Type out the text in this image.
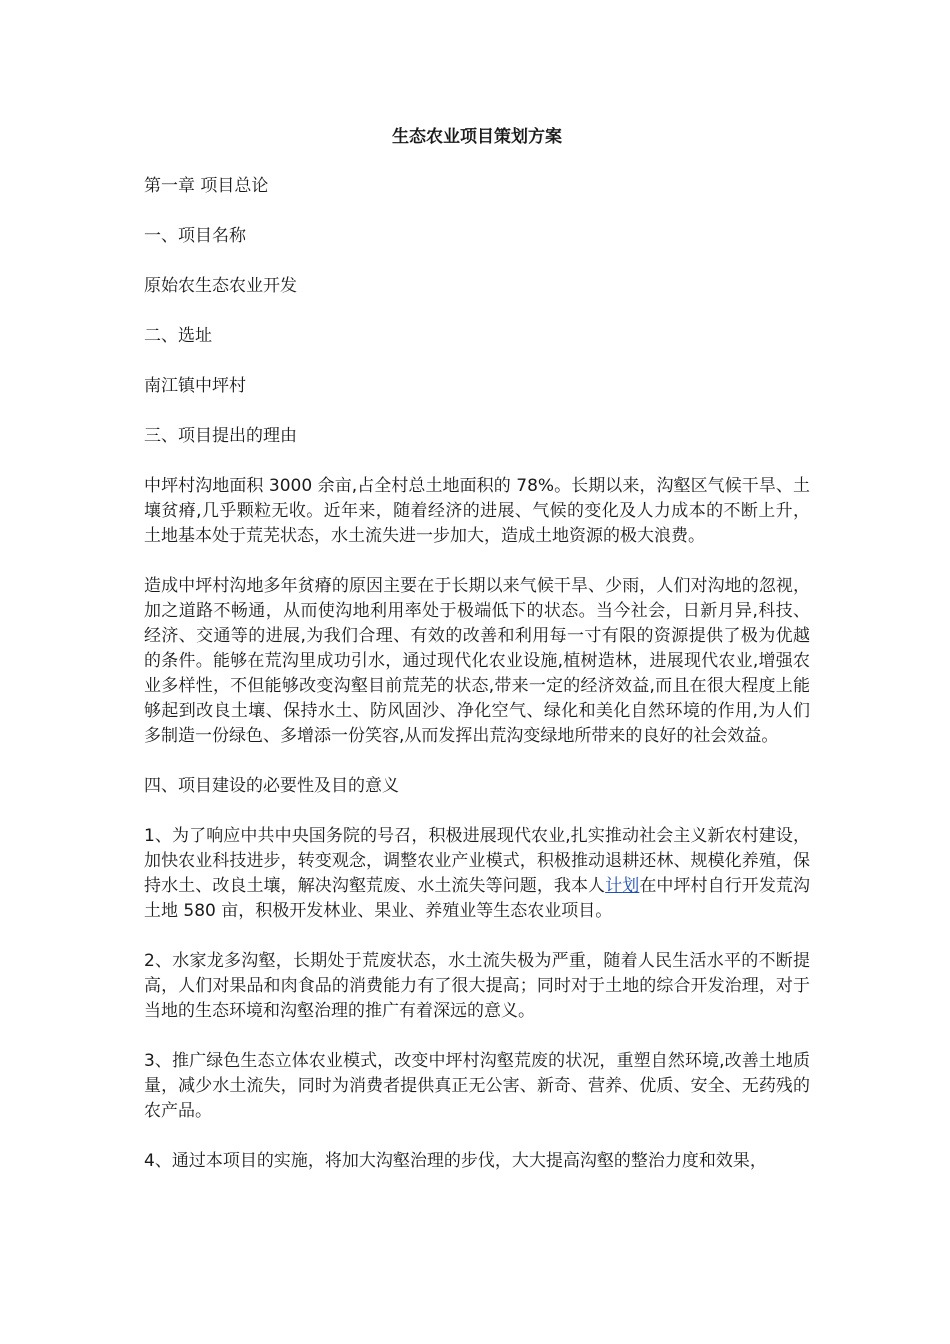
生态农业项目策划方案

第一章 项目总论

一、项目名称

原始农生态农业开发

二、选址

南江镇中坪村

三、项目提出的理由

中坪村沟地面积 3000 余亩,占全村总土地面积的 78%。长期以来，沟壑区气候干旱、土壤贫瘠,几乎颗粒无收。近年来，随着经济的进展、气候的变化及人力成本的不断上升，土地基本处于荒芜状态，水土流失进一步加大，造成土地资源的极大浪费。

造成中坪村沟地多年贫瘠的原因主要在于长期以来气候干旱、少雨，人们对沟地的忽视，加之道路不畅通，从而使沟地利用率处于极端低下的状态。当今社会，日新月异,科技、经济、交通等的进展,为我们合理、有效的改善和利用每一寸有限的资源提供了极为优越的条件。能够在荒沟里成功引水，通过现代化农业设施,植树造林，进展现代农业,增强农业多样性，不但能够改变沟壑目前荒芜的状态,带来一定的经济效益,而且在很大程度上能够起到改良土壤、保持水土、防风固沙、净化空气、绿化和美化自然环境的作用,为人们多制造一份绿色、多增添一份笑容,从而发挥出荒沟变绿地所带来的良好的社会效益。

四、项目建设的必要性及目的意义

1、为了响应中共中央国务院的号召，积极进展现代农业,扎实推动社会主义新农村建设，加快农业科技进步，转变观念，调整农业产业模式，积极推动退耕还林、规模化养殖，保持水土、改良土壤，解决沟壑荒废、水土流失等问题，我本人计划在中坪村自行开发荒沟土地 580 亩，积极开发林业、果业、养殖业等生态农业项目。

2、水家龙多沟壑，长期处于荒废状态，水土流失极为严重，随着人民生活水平的不断提高，人们对果品和肉食品的消费能力有了很大提高；同时对于土地的综合开发治理，对于当地的生态环境和沟壑治理的推广有着深远的意义。

3、推广绿色生态立体农业模式，改变中坪村沟壑荒废的状况，重塑自然环境,改善土地质量，减少水土流失，同时为消费者提供真正无公害、新奇、营养、优质、安全、无药残的农产品。

4、通过本项目的实施，将加大沟壑治理的步伐，大大提高沟壑的整治力度和效果，
